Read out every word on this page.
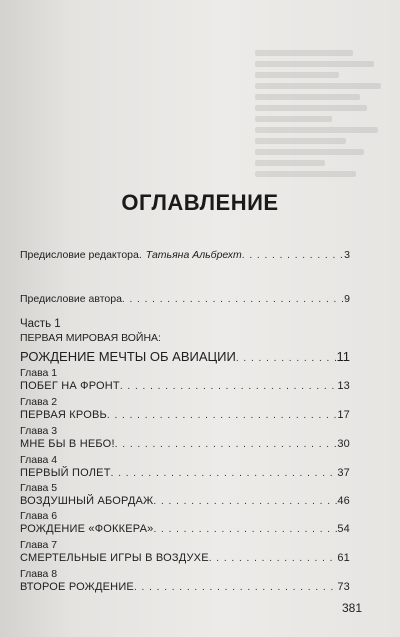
ОГЛАВЛЕНИЕ
Предисловие редактора. Татьяна Альбрехт . . .	3
Предисловие автора . . .	9
Часть 1
ПЕРВАЯ МИРОВАЯ ВОЙНА:
РОЖДЕНИЕ МЕЧТЫ ОБ АВИАЦИИ . . .	11
Глава 1
ПОБЕГ НА ФРОНТ . . .	13
Глава 2
ПЕРВАЯ КРОВЬ . . .	17
Глава 3
МНЕ БЫ В НЕБО! . . .	30
Глава 4
ПЕРВЫЙ ПОЛЕТ . . .	37
Глава 5
ВОЗДУШНЫЙ АБОРДАЖ . . .	46
Глава 6
РОЖДЕНИЕ «ФОККЕРА» . . .	54
Глава 7
СМЕРТЕЛЬНЫЕ ИГРЫ В ВОЗДУХЕ . . .	61
Глава 8
ВТОРОЕ РОЖДЕНИЕ . . .	73
381
